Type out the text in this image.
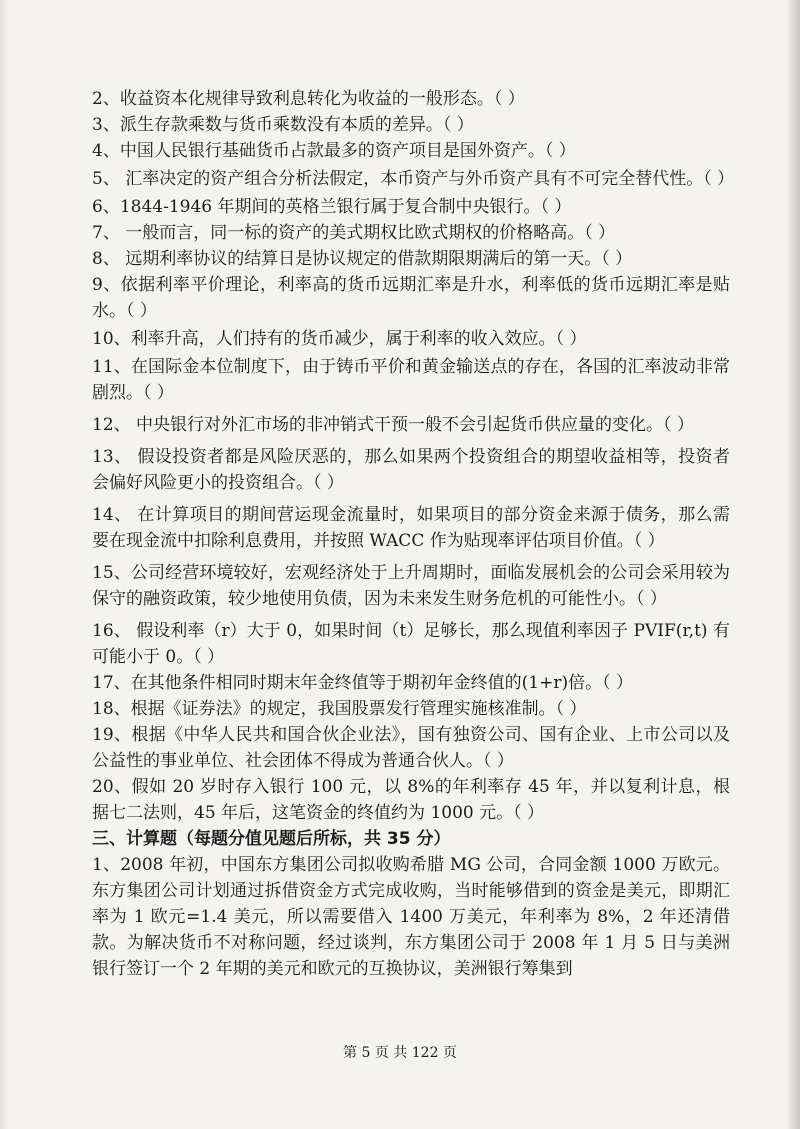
2、收益资本化规律导致利息转化为收益的一般形态。（ ）

3、派生存款乘数与货币乘数没有本质的差异。（ ）

4、中国人民银行基础货币占款最多的资产项目是国外资产。（ ）

5、 汇率决定的资产组合分析法假定，本币资产与外币资产具有不可完全替代性。（ ）

6、1844-1946 年期间的英格兰银行属于复合制中央银行。（ ）

7、 一般而言，同一标的资产的美式期权比欧式期权的价格略高。（ ）

8、 远期利率协议的结算日是协议规定的借款期限期满后的第一天。（ ）

9、依据利率平价理论，利率高的货币远期汇率是升水，利率低的货币远期汇率是贴水。（ ）

10、利率升高，人们持有的货币减少，属于利率的收入效应。（ ）

11、在国际金本位制度下，由于铸币平价和黄金输送点的存在，各国的汇率波动非常剧烈。（ ）

12、 中央银行对外汇市场的非冲销式干预一般不会引起货币供应量的变化。（ ）

13、 假设投资者都是风险厌恶的，那么如果两个投资组合的期望收益相等，投资者会偏好风险更小的投资组合。（ ）

14、 在计算项目的期间营运现金流量时，如果项目的部分资金来源于债务，那么需要在现金流中扣除利息费用，并按照 WACC 作为贴现率评估项目价值。（ ）

15、公司经营环境较好，宏观经济处于上升周期时，面临发展机会的公司会采用较为保守的融资政策，较少地使用负债，因为未来发生财务危机的可能性小。（ ）

16、 假设利率（r）大于 0，如果时间（t）足够长，那么现值利率因子 PVIF(r,t) 有可能小于 0。（ ）

17、在其他条件相同时期末年金终值等于期初年金终值的(1+r)倍。（ ）

18、根据《证券法》的规定，我国股票发行管理实施核准制。（ ）

19、根据《中华人民共和国合伙企业法》，国有独资公司、国有企业、上市公司以及公益性的事业单位、社会团体不得成为普通合伙人。（ ）

20、假如 20 岁时存入银行 100 元，以 8%的年利率存 45 年，并以复利计息，根据七二法则，45 年后，这笔资金的终值约为 1000 元。（ ）

三、计算题（每题分值见题后所标，共 35 分）

1、2008 年初，中国东方集团公司拟收购希腊 MG 公司，合同金额 1000 万欧元。东方集团公司计划通过拆借资金方式完成收购，当时能够借到的资金是美元，即期汇率为 1 欧元=1.4 美元，所以需要借入 1400 万美元，年利率为 8%，2 年还清借款。为解决货币不对称问题，经过谈判，东方集团公司于 2008 年 1 月 5 日与美洲银行签订一个 2 年期的美元和欧元的互换协议，美洲银行筹集到

第 5 页 共 122 页
